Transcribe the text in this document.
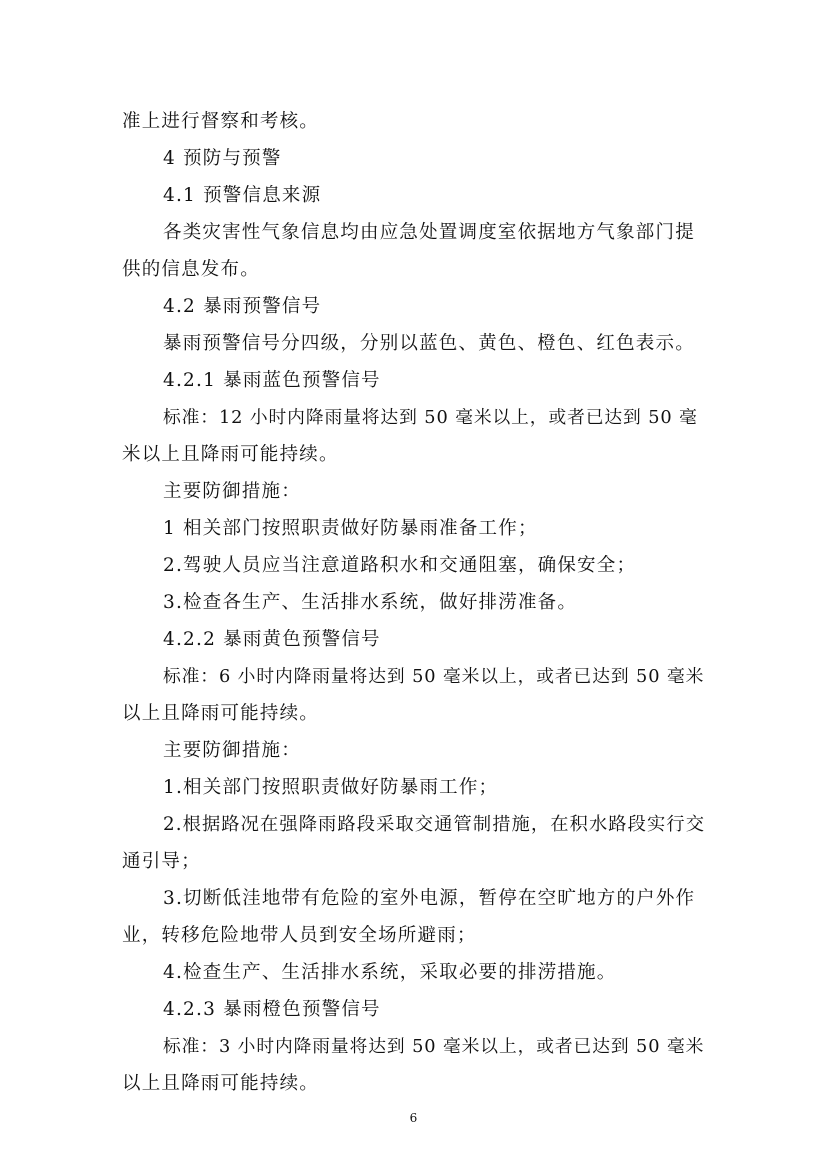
准上进行督察和考核。
4 预防与预警
4.1 预警信息来源
各类灾害性气象信息均由应急处置调度室依据地方气象部门提
供的信息发布。
4.2 暴雨预警信号
暴雨预警信号分四级，分别以蓝色、黄色、橙色、红色表示。
4.2.1 暴雨蓝色预警信号
标准：12 小时内降雨量将达到 50 毫米以上，或者已达到 50 毫
米以上且降雨可能持续。
主要防御措施：
1 相关部门按照职责做好防暴雨准备工作；
2.驾驶人员应当注意道路积水和交通阻塞，确保安全；
3.检查各生产、生活排水系统，做好排涝准备。
4.2.2 暴雨黄色预警信号
标准：6 小时内降雨量将达到 50 毫米以上，或者已达到 50 毫米
以上且降雨可能持续。
主要防御措施：
1.相关部门按照职责做好防暴雨工作；
2.根据路况在强降雨路段采取交通管制措施，在积水路段实行交
通引导；
3.切断低洼地带有危险的室外电源，暂停在空旷地方的户外作
业，转移危险地带人员到安全场所避雨；
4.检查生产、生活排水系统，采取必要的排涝措施。
4.2.3 暴雨橙色预警信号
标准：3 小时内降雨量将达到 50 毫米以上，或者已达到 50 毫米
以上且降雨可能持续。
6
